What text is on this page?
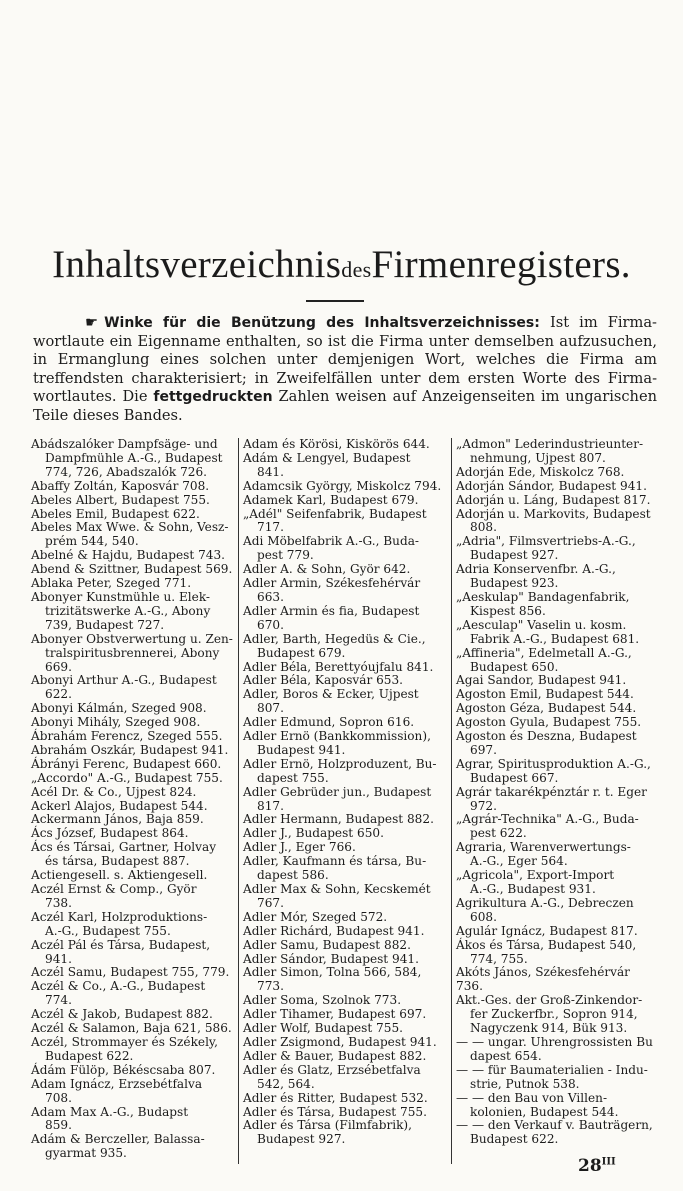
InhaltsverzeichnisdesFirmenregisters.
☛ Winke für die Benützung des Inhaltsverzeichnisses: Ist im Firma-
wortlaute ein Eigenname enthalten, so ist die Firma unter demselben aufzusuchen,
in Ermanglung eines solchen unter demjenigen Wort, welches die Firma am
treffendsten charakterisiert; in Zweifelfällen unter dem ersten Worte des Firma-
wortlautes. Die fettgedruckten Zahlen weisen auf Anzeigenseiten im ungarischen
Teile dieses Bandes.
Abádszalóker Dampfsäge- und
Dampfmühle A.-G., Budapest
774, 726, Abadszalók 726.
Abaffy Zoltán, Kaposvár 708.
Abeles Albert, Budapest 755.
Abeles Emil, Budapest 622.
Abeles Max Wwe. & Sohn, Vesz-
prém 544, 540.
Abelné & Hajdu, Budapest 743.
Abend & Szittner, Budapest 569.
Ablaka Peter, Szeged 771.
Abonyer Kunstmühle u. Elek-
trizitätswerke A.-G., Abony
739, Budapest 727.
Abonyer Obstverwertung u. Zen-
tralspiritusbrennerei, Abony
669.
Abonyi Arthur A.-G., Budapest
622.
Abonyi Kálmán, Szeged 908.
Abonyi Mihály, Szeged 908.
Ábrahám Ferencz, Szeged 555.
Abrahám Oszkár, Budapest 941.
Ábrányi Ferenc, Budapest 660.
„Accordo" A.-G., Budapest 755.
Acél Dr. & Co., Ujpest 824.
Ackerl Alajos, Budapest 544.
Ackermann János, Baja 859.
Ács József, Budapest 864.
Ács és Társai, Gartner, Holvay
és társa, Budapest 887.
Actiengesell. s. Aktiengesell.
Aczél Ernst & Comp., Györ
738.
Aczél Karl, Holzproduktions-
A.-G., Budapest 755.
Aczél Pál és Társa, Budapest,
941.
Aczél Samu, Budapest 755, 779.
Aczél & Co., A.-G., Budapest
774.
Aczél & Jakob, Budapest 882.
Aczél & Salamon, Baja 621, 586.
Aczél, Strommayer és Székely,
Budapest 622.
Ádám Fülöp, Békéscsaba 807.
Adam Ignácz, Erzsebétfalva
708.
Adam Max A.-G., Budapst
859.
Adám & Berczeller, Balassa-
gyarmat 935.
Adam és Körösi, Kiskörös 644.
Adám & Lengyel, Budapest
841.
Adamcsik György, Miskolcz 794.
Adamek Karl, Budapest 679.
„Adél" Seifenfabrik, Budapest
717.
Adi Möbelfabrik A.-G., Buda-
pest 779.
Adler A. & Sohn, Györ 642.
Adler Armin, Székesfehérvár
663.
Adler Armin és fia, Budapest
670.
Adler, Barth, Hegedüs & Cie.,
Budapest 679.
Adler Béla, Berettyóujfalu 841.
Adler Béla, Kaposvár 653.
Adler, Boros & Ecker, Ujpest
807.
Adler Edmund, Sopron 616.
Adler Ernö (Bankkommission),
Budapest 941.
Adler Ernö, Holzproduzent, Bu-
dapest 755.
Adler Gebrüder jun., Budapest
817.
Adler Hermann, Budapest 882.
Adler J., Budapest 650.
Adler J., Eger 766.
Adler, Kaufmann és társa, Bu-
dapest 586.
Adler Max & Sohn, Kecskemét
767.
Adler Mór, Szeged 572.
Adler Richárd, Budapest 941.
Adler Samu, Budapest 882.
Adler Sándor, Budapest 941.
Adler Simon, Tolna 566, 584,
773.
Adler Soma, Szolnok 773.
Adler Tihamer, Budapest 697.
Adler Wolf, Budapest 755.
Adler Zsigmond, Budapest 941.
Adler & Bauer, Budapest 882.
Adler és Glatz, Erzsébetfalva
542, 564.
Adler és Ritter, Budapest 532.
Adler és Társa, Budapest 755.
Adler és Társa (Filmfabrik),
Budapest 927.
„Admon" Lederindustrieunter-
nehmung, Ujpest 807.
Adorján Ede, Miskolcz 768.
Adorján Sándor, Budapest 941.
Adorján u. Láng, Budapest 817.
Adorján u. Markovits, Budapest
808.
„Adria", Filmsvertriebs-A.-G.,
Budapest 927.
Adria Konservenfbr. A.-G.,
Budapest 923.
„Aeskulap" Bandagenfabrik,
Kispest 856.
„Aesculap" Vaselin u. kosm.
Fabrik A.-G., Budapest 681.
„Affineria", Edelmetall A.-G.,
Budapest 650.
Agai Sandor, Budapest 941.
Agoston Emil, Budapest 544.
Agoston Géza, Budapest 544.
Agoston Gyula, Budapest 755.
Agoston és Deszna, Budapest
697.
Agrar, Spiritusproduktion A.-G.,
Budapest 667.
Agrár takarékpénztár r. t. Eger
972.
„Agrár-Technika" A.-G., Buda-
pest 622.
Agraria, Warenverwertungs-
A.-G., Eger 564.
„Agricola", Export-Import
A.-G., Budapest 931.
Agrikultura A.-G., Debreczen
608.
Agulár Ignácz, Budapest 817.
Ákos és Társa, Budapest 540,
774, 755.
Akóts János, Székesfehérvár 736.
Akt.-Ges. der Groß-Zinkendor-
fer Zuckerfbr., Sopron 914,
Nagyczenk 914, Bük 913.
— — ungar. Uhrengrossisten Bu
dapest 654.
— — für Baumaterialien - Indu-
strie, Putnok 538.
— — den Bau von Villen-
kolonien, Budapest 544.
— — den Verkauf v. Bauträgern,
Budapest 622.
$28^{III}$
